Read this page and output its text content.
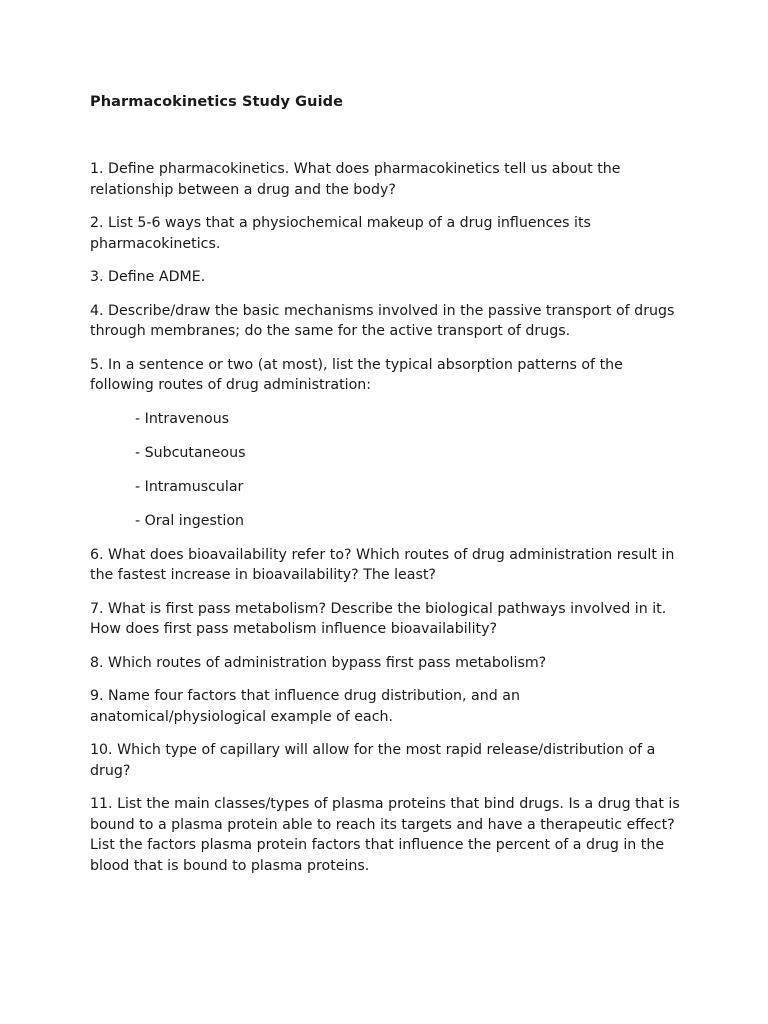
Pharmacokinetics Study Guide

1. Define pharmacokinetics. What does pharmacokinetics tell us about the relationship between a drug and the body?

2. List 5-6 ways that a physiochemical makeup of a drug influences its pharmacokinetics.

3. Define ADME.

4. Describe/draw the basic mechanisms involved in the passive transport of drugs through membranes; do the same for the active transport of drugs.

5. In a sentence or two (at most), list the typical absorption patterns of the following routes of drug administration:

- Intravenous

- Subcutaneous

- Intramuscular

- Oral ingestion

6. What does bioavailability refer to? Which routes of drug administration result in the fastest increase in bioavailability? The least?

7. What is first pass metabolism? Describe the biological pathways involved in it. How does first pass metabolism influence bioavailability?

8. Which routes of administration bypass first pass metabolism?

9. Name four factors that influence drug distribution, and an anatomical/physiological example of each.

10. Which type of capillary will allow for the most rapid release/distribution of a drug?

11. List the main classes/types of plasma proteins that bind drugs. Is a drug that is bound to a plasma protein able to reach its targets and have a therapeutic effect? List the factors plasma protein factors that influence the percent of a drug in the blood that is bound to plasma proteins.
